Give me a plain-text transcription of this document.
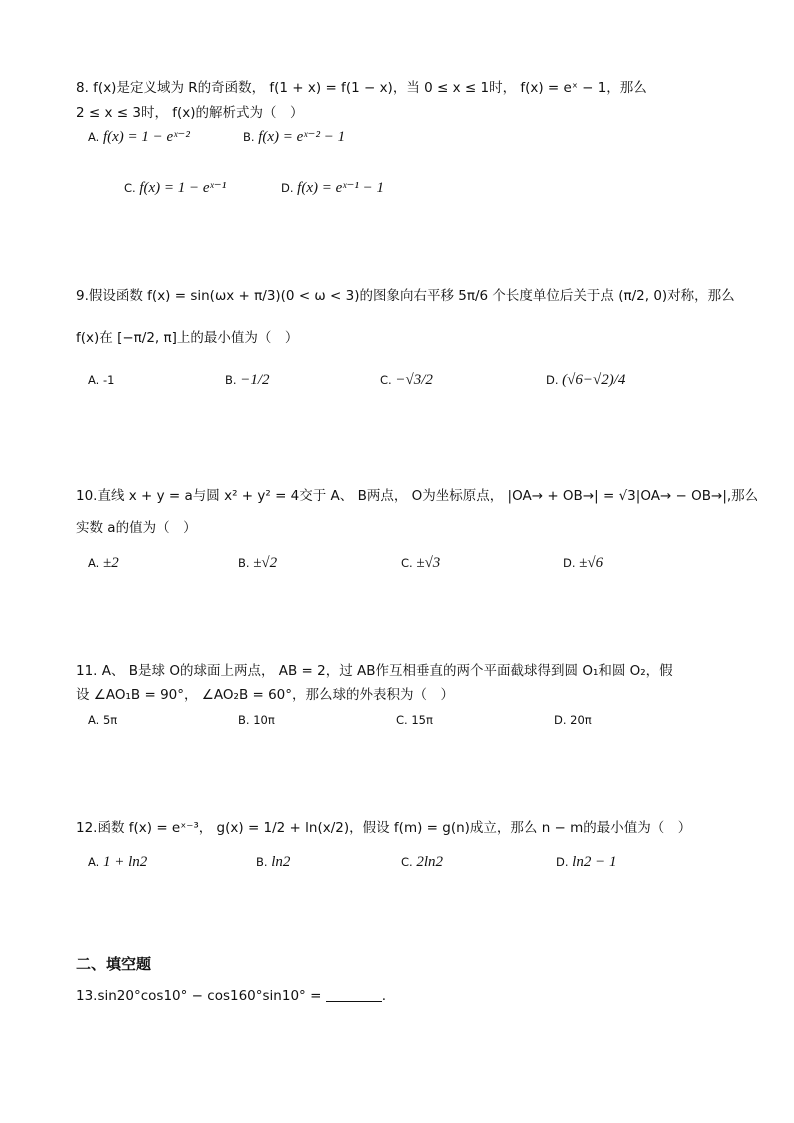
8. f(x)是定义域为 R的奇函数， f(1 + x) = f(1 − x)，当 0 ≤ x ≤ 1时， f(x) = eˣ − 1，那么
2 ≤ x ≤ 3时， f(x)的解析式为（　）
A. f(x) = 1 − eˣ⁻²	B. f(x) = eˣ⁻² − 1
C. f(x) = 1 − eˣ⁻¹	D. f(x) = eˣ⁻¹ − 1
9.假设函数 f(x) = sin(ωx + π/3)(0 < ω < 3)的图象向右平移 5π/6 个长度单位后关于点 (π/2, 0)对称，那么
f(x)在 [−π/2, π]上的最小值为（　）
A. -1	B. −1/2	C. −√3/2	D. (√6−√2)/4
10.直线 x + y = a与圆 x² + y² = 4交于 A、 B两点， O为坐标原点， |OA→ + OB→| = √3|OA→ − OB→|,那么
实数 a的值为（　）
A. ±2	B. ±√2	C. ±√3	D. ±√6
11. A、 B是球 O的球面上两点， AB = 2，过 AB作互相垂直的两个平面截球得到圆 O₁和圆 O₂，假
设 ∠AO₁B = 90°， ∠AO₂B = 60°，那么球的外表积为（　）
A. 5π	B. 10π	C. 15π	D. 20π
12.函数 f(x) = eˣ⁻³， g(x) = 1/2 + ln(x/2)，假设 f(m) = g(n)成立，那么 n − m的最小值为（　）
A. 1 + ln2	B. ln2	C. 2ln2	D. ln2 − 1
二、填空题
13.sin20°cos10° − cos160°sin10° =	.
